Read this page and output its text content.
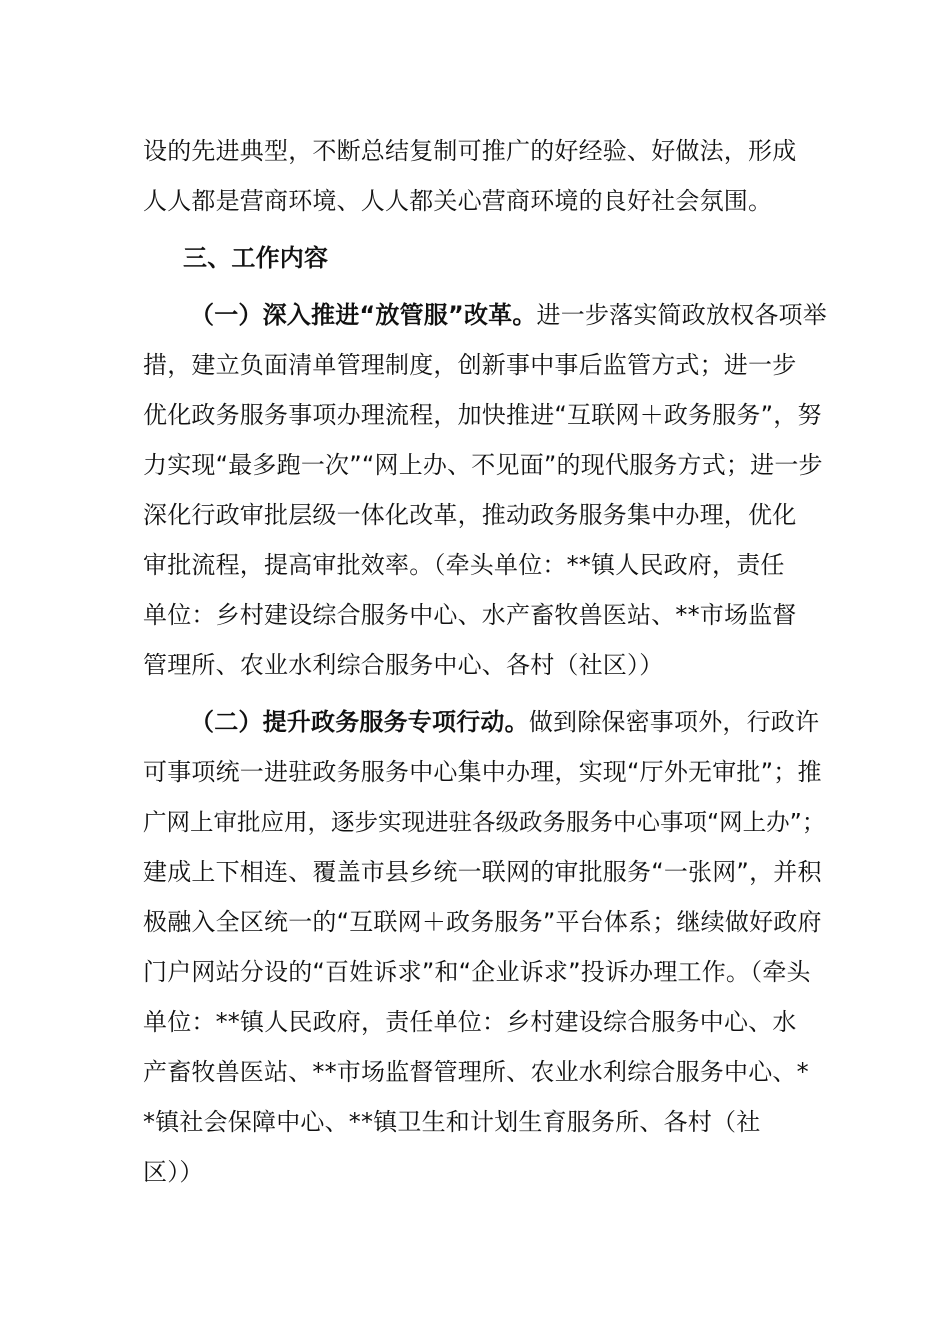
设的先进典型，不断总结复制可推广的好经验、好做法，形成
人人都是营商环境、人人都关心营商环境的良好社会氛围。
三、工作内容
（一）深入推进“放管服”改革。进一步落实简政放权各项举
措，建立负面清单管理制度，创新事中事后监管方式；进一步
优化政务服务事项办理流程，加快推进“互联网＋政务服务”，努
力实现“最多跑一次”“网上办、不见面”的现代服务方式；进一步
深化行政审批层级一体化改革，推动政务服务集中办理，优化
审批流程，提高审批效率。（牵头单位：**镇人民政府，责任
单位：乡村建设综合服务中心、水产畜牧兽医站、**市场监督
管理所、农业水利综合服务中心、各村（社区））
（二）提升政务服务专项行动。做到除保密事项外，行政许
可事项统一进驻政务服务中心集中办理，实现“厅外无审批”；推
广网上审批应用，逐步实现进驻各级政务服务中心事项“网上办”；
建成上下相连、覆盖市县乡统一联网的审批服务“一张网”，并积
极融入全区统一的“互联网＋政务服务”平台体系；继续做好政府
门户网站分设的“百姓诉求”和“企业诉求”投诉办理工作。（牵头
单位：**镇人民政府，责任单位：乡村建设综合服务中心、水
产畜牧兽医站、**市场监督管理所、农业水利综合服务中心、*
*镇社会保障中心、**镇卫生和计划生育服务所、各村（社
区））
